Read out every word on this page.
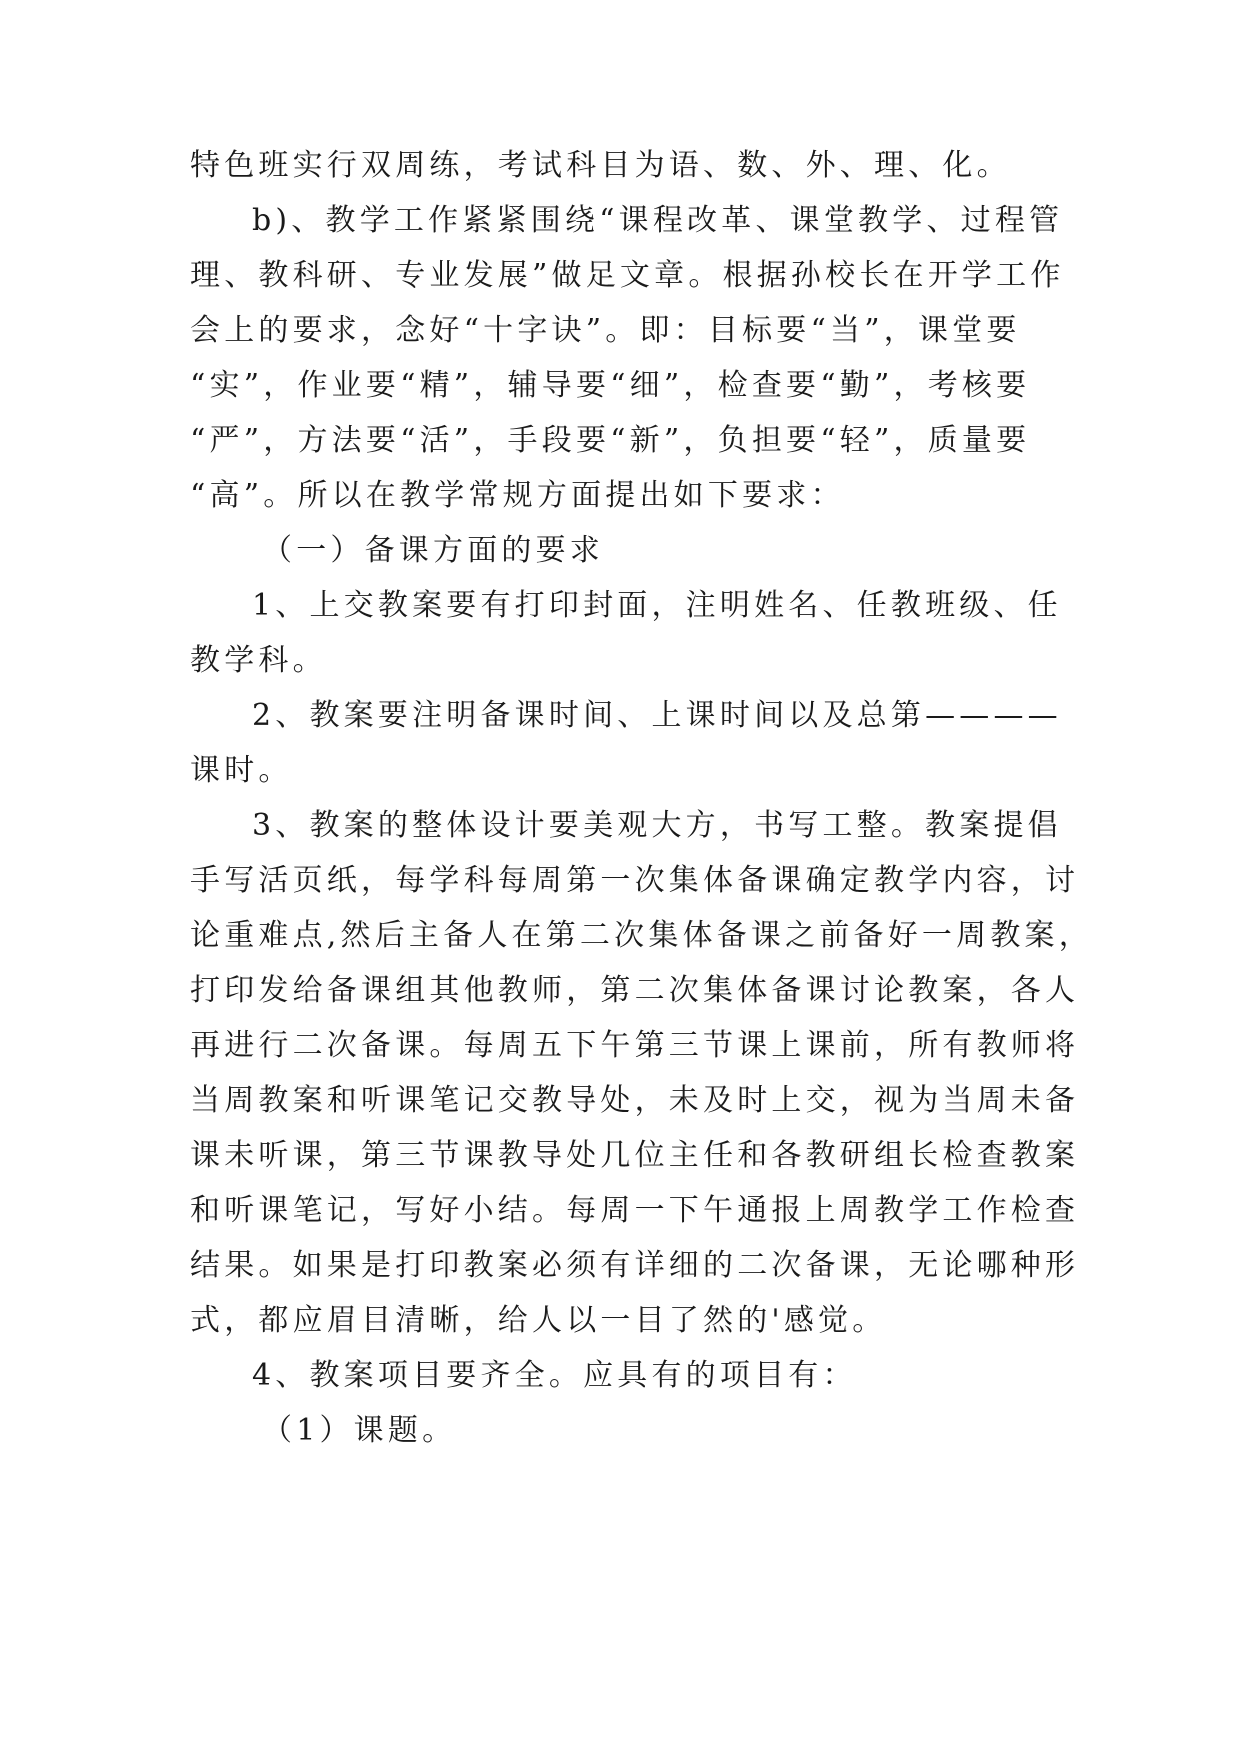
特色班实行双周练，考试科目为语、数、外、理、化。
b)、教学工作紧紧围绕“课程改革、课堂教学、过程管
理、教科研、专业发展”做足文章。根据孙校长在开学工作
会上的要求，念好“十字诀”。即：目标要“当”，课堂要
“实”，作业要“精”，辅导要“细”，检查要“勤”，考核要
“严”，方法要“活”，手段要“新”，负担要“轻”，质量要
“高”。所以在教学常规方面提出如下要求：
（一）备课方面的要求
1、上交教案要有打印封面，注明姓名、任教班级、任
教学科。
2、教案要注明备课时间、上课时间以及总第————
课时。
3、教案的整体设计要美观大方，书写工整。教案提倡
手写活页纸，每学科每周第一次集体备课确定教学内容，讨
论重难点,然后主备人在第二次集体备课之前备好一周教案，
打印发给备课组其他教师，第二次集体备课讨论教案，各人
再进行二次备课。每周五下午第三节课上课前，所有教师将
当周教案和听课笔记交教导处，未及时上交，视为当周未备
课未听课，第三节课教导处几位主任和各教研组长检查教案
和听课笔记，写好小结。每周一下午通报上周教学工作检查
结果。如果是打印教案必须有详细的二次备课，无论哪种形
式，都应眉目清晰，给人以一目了然的'感觉。
4、教案项目要齐全。应具有的项目有：
（1）课题。
